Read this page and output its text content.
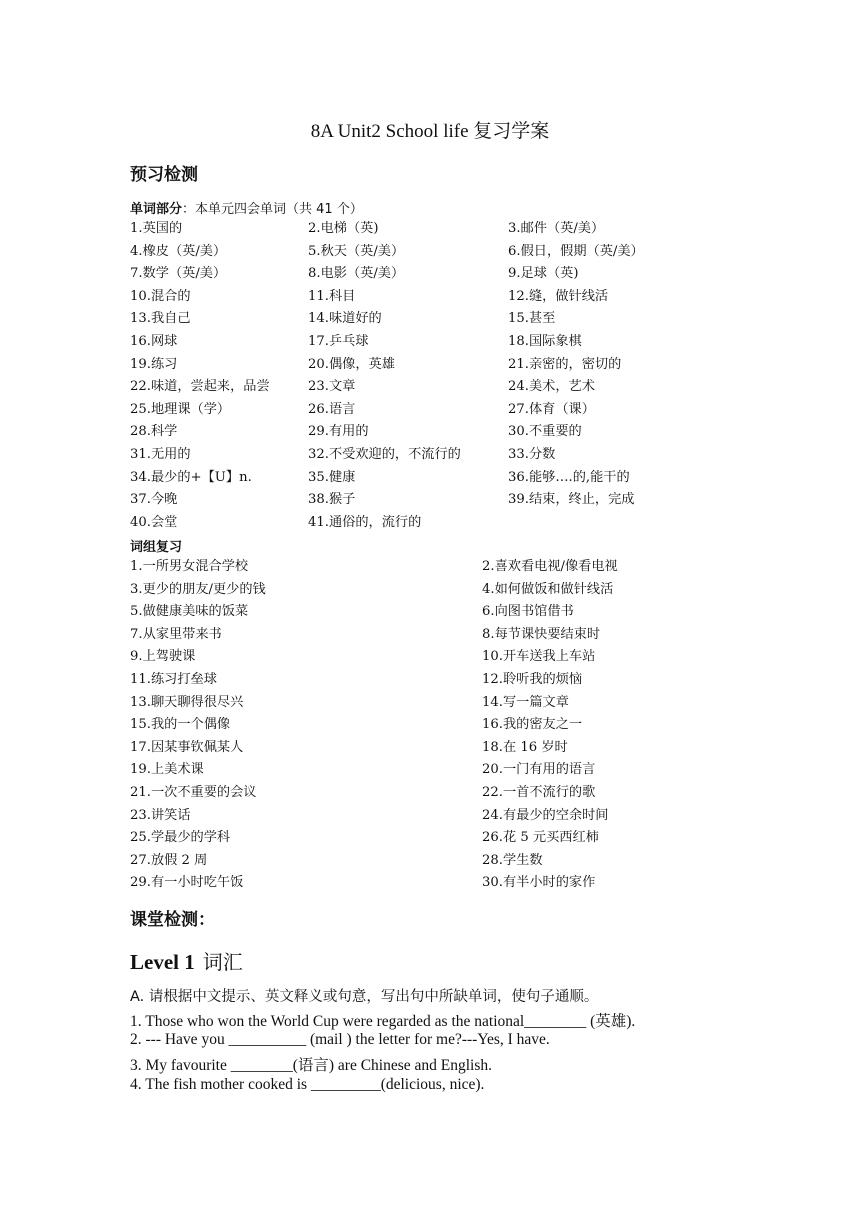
8A Unit2 School life 复习学案
预习检测
单词部分：本单元四会单词（共 41 个）
1.英国的	2.电梯（英)	3.邮件（英/美）
4.橡皮（英/美）	5.秋天（英/美）	6.假日，假期（英/美）
7.数学（英/美）	8.电影（英/美）	9.足球（英)
10.混合的	11.科目	12.缝，做针线活
13.我自己	14.味道好的	15.甚至
16.网球	17.乒乓球	18.国际象棋
19.练习	20.偶像，英雄	21.亲密的，密切的
22.味道，尝起来，品尝	23.文章	24.美术，艺术
25.地理课（学）	26.语言	27.体育（课）
28.科学	29.有用的	30.不重要的
31.无用的	32.不受欢迎的，不流行的	33.分数
34.最少的+【U】n.	35.健康	36.能够….的,能干的
37.今晚	38.猴子	39.结束，终止，完成
40.会堂	41.通俗的，流行的
词组复习
1.一所男女混合学校	2.喜欢看电视/像看电视
3.更少的朋友/更少的钱	4.如何做饭和做针线活
5.做健康美味的饭菜	6.向图书馆借书
7.从家里带来书	8.每节课快要结束时
9.上驾驶课	10.开车送我上车站
11.练习打垒球	12.聆听我的烦恼
13.聊天聊得很尽兴	14.写一篇文章
15.我的一个偶像	16.我的密友之一
17.因某事钦佩某人	18.在 16 岁时
19.上美术课	20.一门有用的语言
21.一次不重要的会议	22.一首不流行的歌
23.讲笑话	24.有最少的空余时间
25.学最少的学科	26.花 5 元买西红柿
27.放假 2 周	28.学生数
29.有一小时吃午饭	30.有半小时的家作
课堂检测：
Level 1 词汇
A. 请根据中文提示、英文释义或句意，写出句中所缺单词，使句子通顺。
1. Those who won the World Cup were regarded as the national________ (英雄).
2. --- Have you __________ (mail ) the letter for me?---Yes, I have.
3. My favourite ________(语言) are Chinese and English.
4. The fish mother cooked is _________(delicious, nice).
